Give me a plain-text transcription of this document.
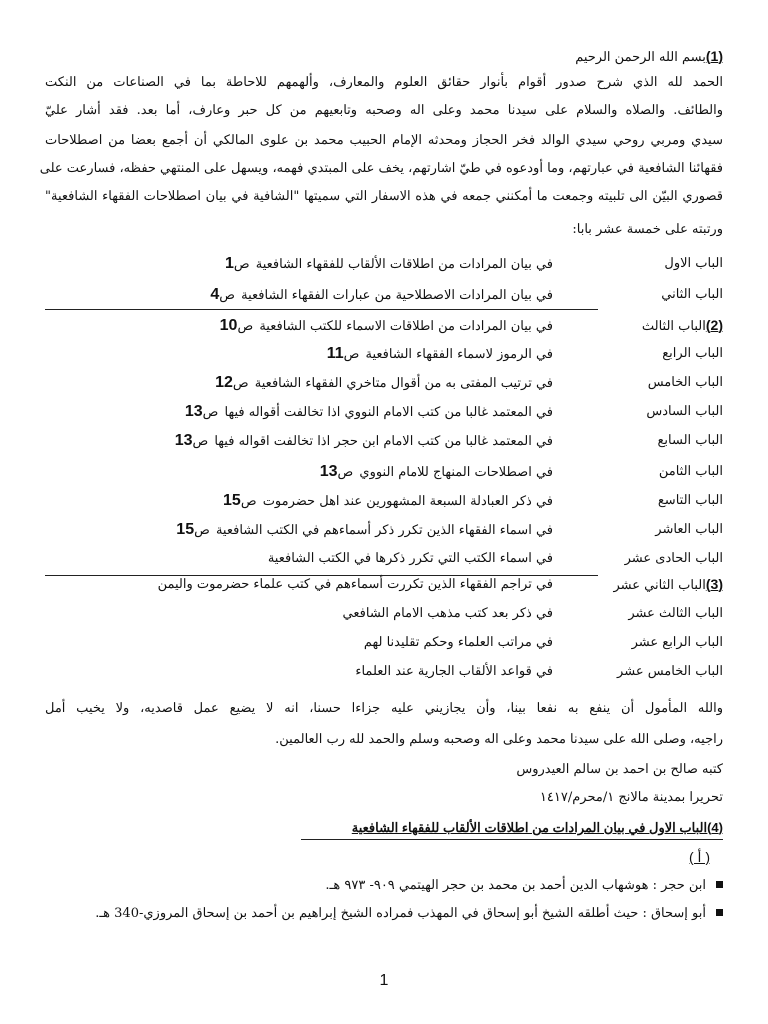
(1)بسم الله الرحمن الرحيم
الحمد لله الذي شرح صدور أقوام بأنوار حقائق العلوم والمعارف، وألهمهم للاحاطة بما في الصناعات من النكت
والطائف. والصلاه والسلام على سيدنا محمد وعلى اله وصحبه وتابعيهم من كل حبر وعارف، أما بعد. فقد أشار عليّ
سيدي ومربي روحي سيدي الوالد فخر الحجاز ومحدثه الإمام الحبيب محمد بن علوى المالكي أن أجمع بعضا من اصطلاحات
فقهائنا الشافعية في عبارتهم، وما أودعوه في طيّ اشارتهم، يخف على المبتدي فهمه، ويسهل على المنتهي حفظه، فسارعت على
قصوري البيّن الى تلبيته وجمعت ما أمكنني جمعه في هذه الاسفار التي سميتها "الشافية في بيان اصطلاحات الفقهاء الشافعية"
ورتبته على خمسة عشر بابا:
الباب الاول
في بيان المرادات من اطلاقات الألقاب للفقهاء الشافعية ص1
الباب الثاني
في بيان المرادات الاصطلاحية من عبارات الفقهاء الشافعية ص4
(2)الباب الثالث
في بيان المرادات من اطلاقات الاسماء للكتب الشافعية ص10
الباب الرابع
في الرموز لاسماء الفقهاء الشافعية ص11
الباب الخامس
في ترتيب المفتى به من أقوال متاخري الفقهاء الشافعية ص12
الباب السادس
في المعتمد غالبا من كتب الامام النووي اذا تخالفت أقواله فيها ص13
الباب السابع
في المعتمد غالبا من كتب الامام ابن حجر اذا تخالفت اقواله فيها ص13
الباب الثامن
في اصطلاحات المنهاج للامام النووي ص13
الباب التاسع
في ذكر العبادلة السبعة المشهورين عند اهل حضرموت ص15
الباب العاشر
في اسماء الفقهاء الذين تكرر ذكر أسماءهم في الكتب الشافعية ص15
الباب الحادى عشر
في اسماء الكتب التي تكرر ذكرها في الكتب الشافعية
(3)الباب الثاني عشر
في تراجم الفقهاء الذين تكررت أسماءهم في كتب علماء حضرموت واليمن
الباب الثالث عشر
في ذكر بعد كتب مذهب الامام الشافعي
الباب الرابع عشر
في مراتب العلماء وحكم تقليدنا لهم
الباب الخامس عشر
في قواعد الألقاب الجارية عند العلماء
والله المأمول أن ينفع به نفعا بينا، وأن يجازيني عليه جزاءا حسنا، انه لا يضيع عمل قاصديه، ولا يخيب أمل
راجيه، وصلى الله على سيدنا محمد وعلى اله وصحبه وسلم والحمد لله رب العالمين.
كتبه صالح بن احمد بن سالم العيدروس
تحريرا بمدينة مالانج ١/محرم/١٤١٧
(4)الباب الاول في بيان المرادات من اطلاقات الألقاب للفقهاء الشافعية
( أ )
ابن حجر : هوشهاب الدين أحمد بن محمد بن حجر الهيتمي ٩٠٩- ٩٧٣ هـ.
أبو إسحاق : حيث أطلقه الشيخ أبو إسحاق في المهذب فمراده الشيخ إبراهيم بن أحمد بن إسحاق المروزي-340 هـ.
1
